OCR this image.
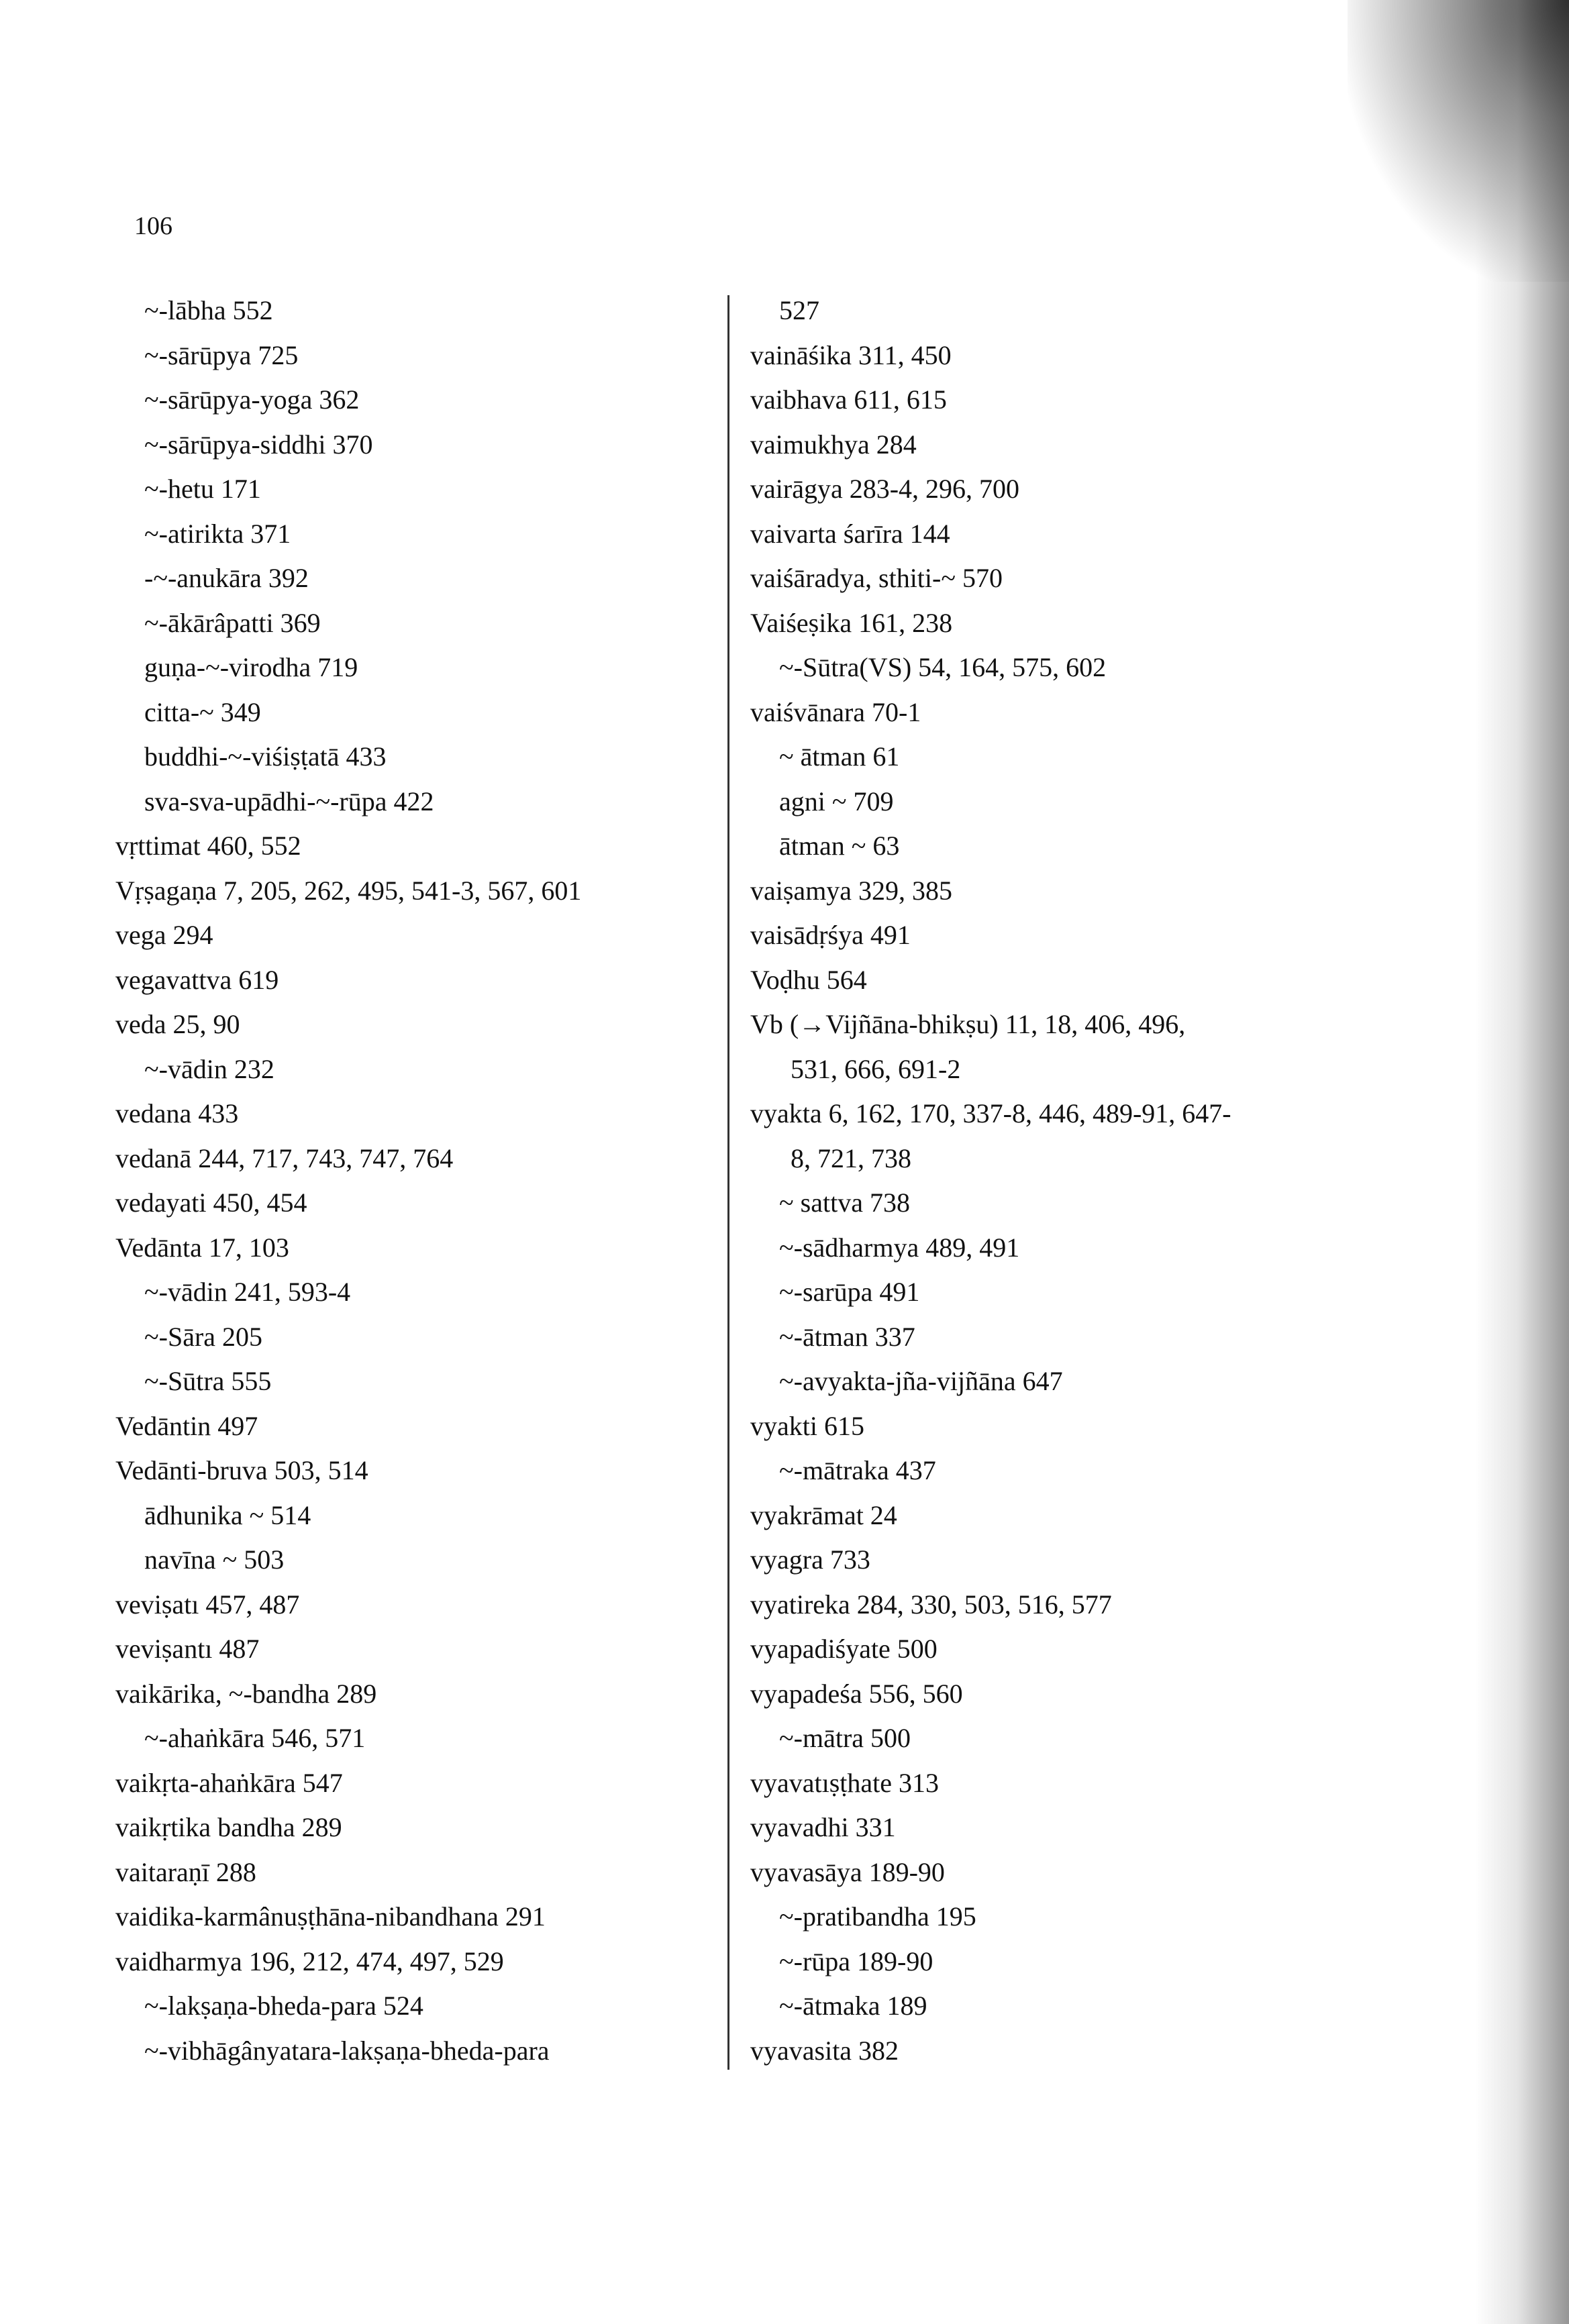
106
~-lābha 552
~-sārūpya 725
~-sārūpya-yoga 362
~-sārūpya-siddhi 370
~-hetu 171
~-atirikta 371
-~-anukāra 392
~-ākārâpatti 369
guṇa-~-virodha 719
citta-~ 349
buddhi-~-viśiṣṭatā 433
sva-sva-upādhi-~-rūpa 422
vṛttimat 460, 552
Vṛṣagaṇa 7, 205, 262, 495, 541-3, 567, 601
vega 294
vegavattva 619
veda 25, 90
~-vādin 232
vedana 433
vedanā 244, 717, 743, 747, 764
vedayati 450, 454
Vedānta 17, 103
~-vādin 241, 593-4
~-Sāra 205
~-Sūtra 555
Vedāntin 497
Vedānti-bruva 503, 514
ādhunika ~ 514
navīna ~ 503
veviṣatı 457, 487
veviṣantı 487
vaikārika, ~-bandha 289
~-ahaṅkāra 546, 571
vaikṛta-ahaṅkāra 547
vaikṛtika bandha 289
vaitaraṇī 288
vaidika-karmânuṣṭhāna-nibandhana 291
vaidharmya 196, 212, 474, 497, 529
~-lakṣaṇa-bheda-para 524
~-vibhāgânyatara-lakṣaṇa-bheda-para
527
vaināśika 311, 450
vaibhava 611, 615
vaimukhya 284
vairāgya 283-4, 296, 700
vaivarta śarīra 144
vaiśāradya, sthiti-~ 570
Vaiśeṣika 161, 238
~-Sūtra(VS) 54, 164, 575, 602
vaiśvānara 70-1
~ ātman 61
agni ~ 709
ātman ~ 63
vaiṣamya 329, 385
vaisādṛśya 491
Voḍhu 564
Vb (→Vijñāna-bhikṣu) 11, 18, 406, 496,
531, 666, 691-2
vyakta 6, 162, 170, 337-8, 446, 489-91, 647-
8, 721, 738
~ sattva 738
~-sādharmya 489, 491
~-sarūpa 491
~-ātman 337
~-avyakta-jña-vijñāna 647
vyakti 615
~-mātraka 437
vyakrāmat 24
vyagra 733
vyatireka 284, 330, 503, 516, 577
vyapadiśyate 500
vyapadeśa 556, 560
~-mātra 500
vyavatıṣṭhate 313
vyavadhi 331
vyavasāya 189-90
~-pratibandha 195
~-rūpa 189-90
~-ātmaka 189
vyavasita 382
